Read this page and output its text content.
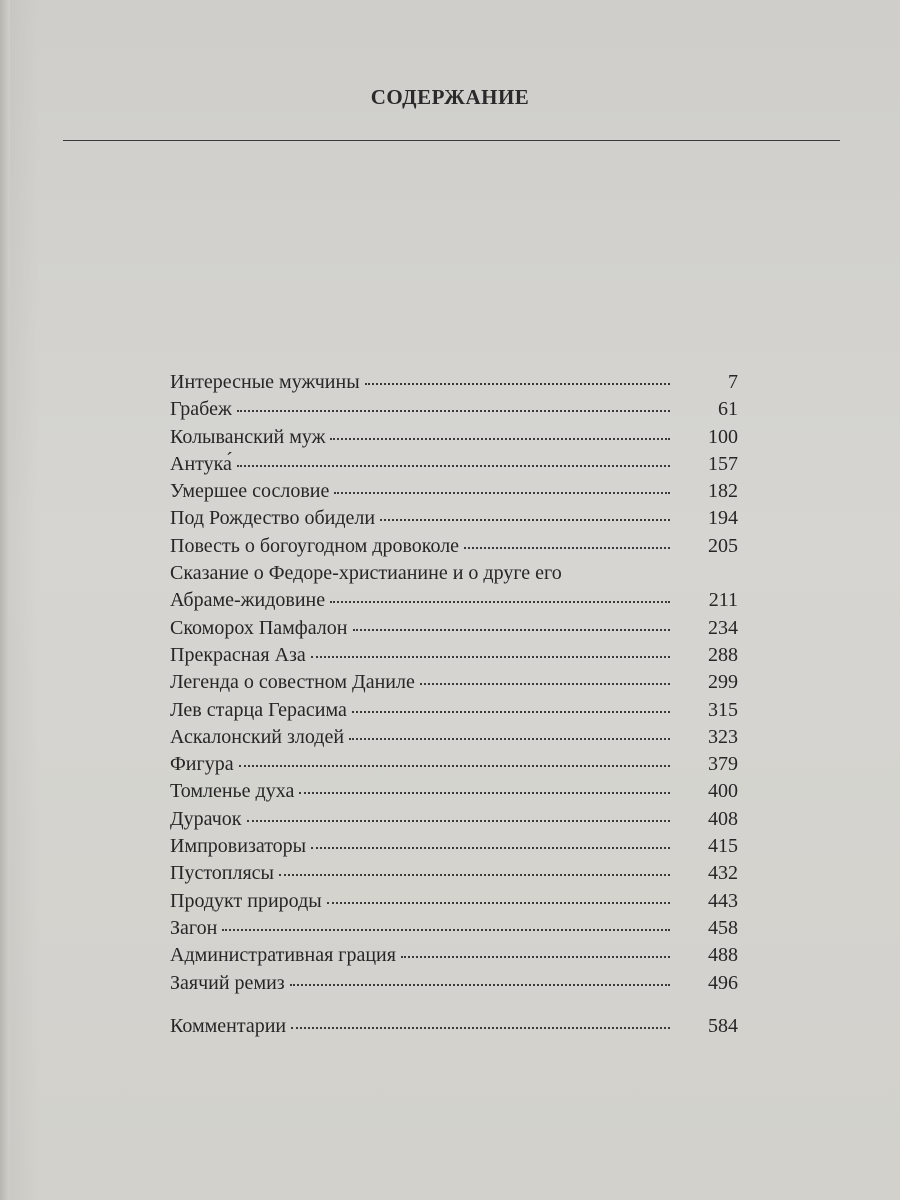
СОДЕРЖАНИЕ
Интересные мужчины	7
Грабеж	61
Колыванский муж	100
Антука́	157
Умершее сословие	182
Под Рождество обидели	194
Повесть о богоугодном дровоколе	205
Сказание о Федоре-христианине и о друге его
Абраме-жидовине	211
Скоморох Памфалон	234
Прекрасная Аза	288
Легенда о совестном Даниле	299
Лев старца Герасима	315
Аскалонский злодей	323
Фигура	379
Томленье духа	400
Дурачок	408
Импровизаторы	415
Пустоплясы	432
Продукт природы	443
Загон	458
Административная грация	488
Заячий ремиз	496
Комментарии	584
